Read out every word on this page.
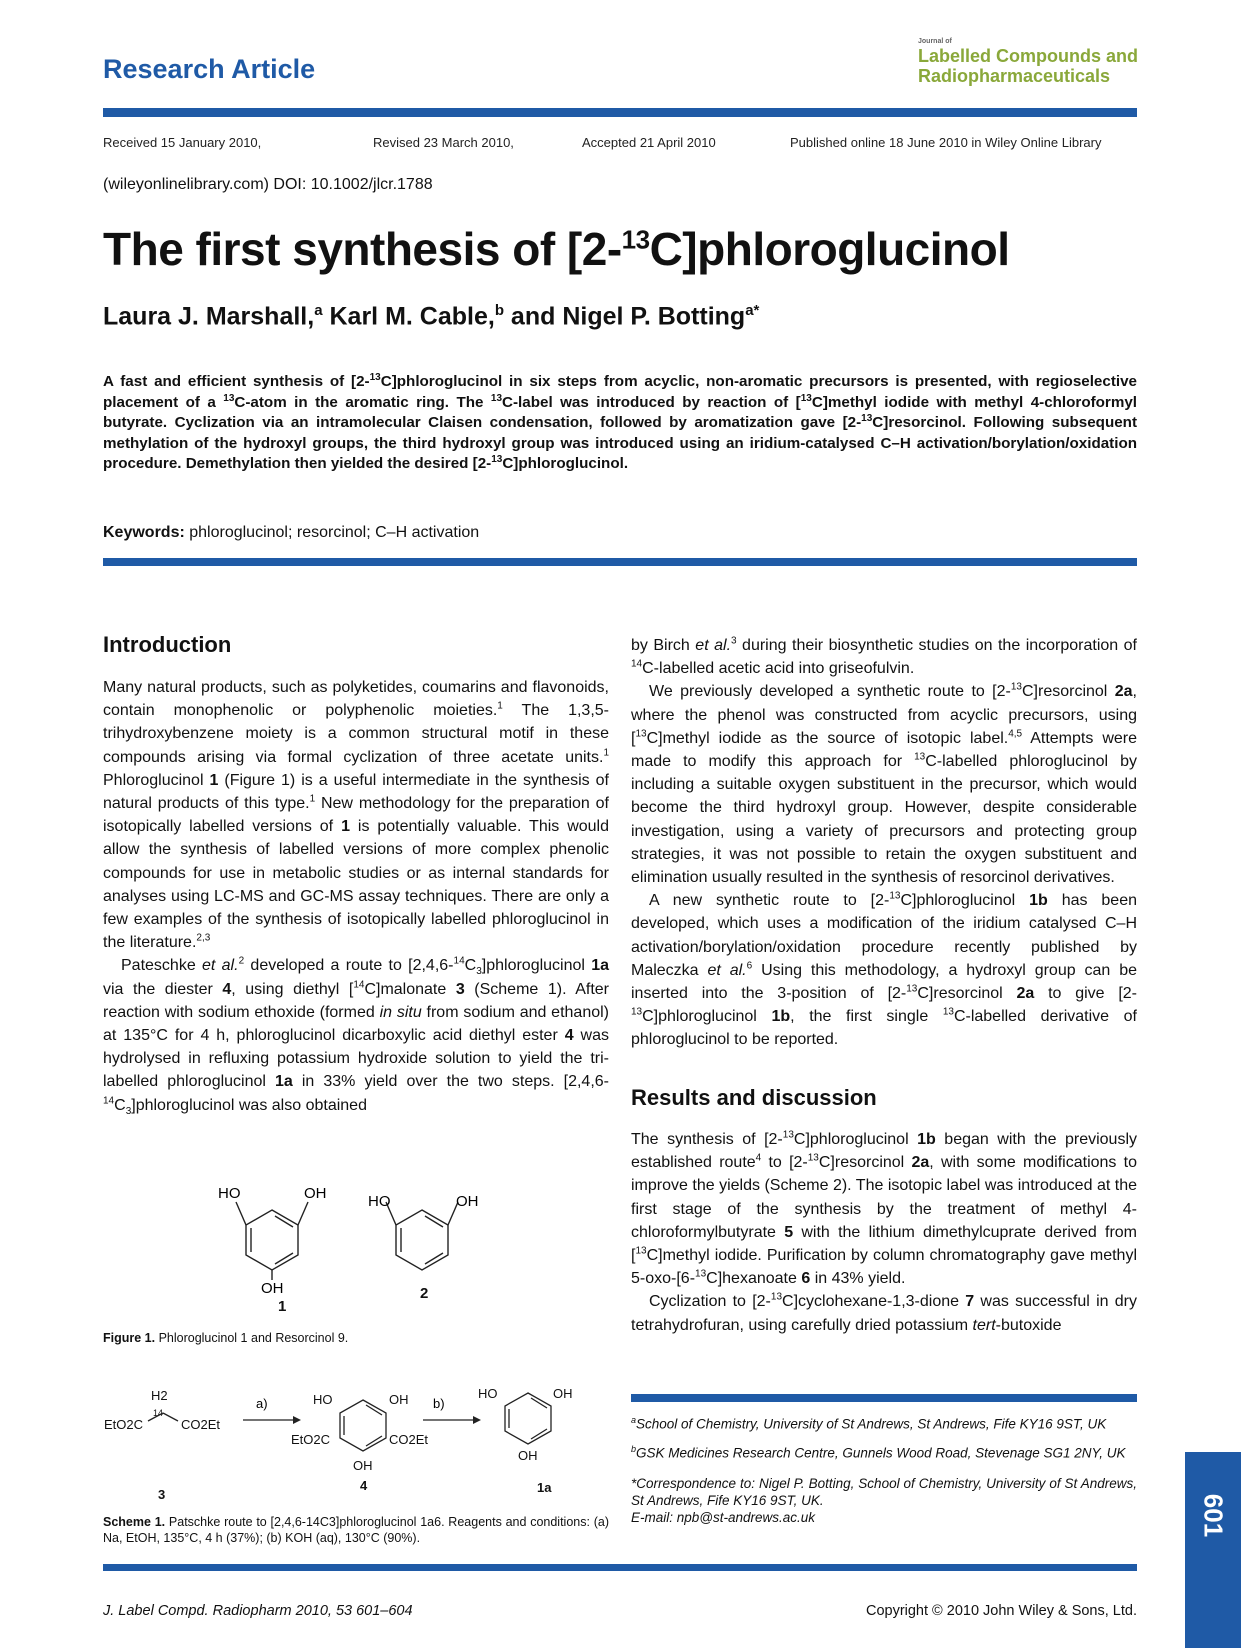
Research Article
Journal of
Labelled Compounds and
Radiopharmaceuticals
Received 15 January 2010,	Revised 23 March 2010,	Accepted 21 April 2010	Published online 18 June 2010 in Wiley Online Library
(wileyonlinelibrary.com) DOI: 10.1002/jlcr.1788
The first synthesis of [2-$^{13}$C]phloroglucinol
Laura J. Marshall,$^a$ Karl M. Cable,$^b$ and Nigel P. Botting$^{a*}$
A fast and efficient synthesis of [2-$^{13}$C]phloroglucinol in six steps from acyclic, non-aromatic precursors is presented, with regioselective placement of a $^{13}$C-atom in the aromatic ring. The $^{13}$C-label was introduced by reaction of [$^{13}$C]methyl iodide with methyl 4-chloroformyl butyrate. Cyclization via an intramolecular Claisen condensation, followed by aromatization gave [2-$^{13}$C]resorcinol. Following subsequent methylation of the hydroxyl groups, the third hydroxyl group was introduced using an iridium-catalysed C–H activation/borylation/oxidation procedure. Demethylation then yielded the desired [2-$^{13}$C]phloroglucinol.
Keywords: phloroglucinol; resorcinol; C–H activation
Introduction

Many natural products, such as polyketides, coumarins and flavonoids, contain monophenolic or polyphenolic moieties.$^1$ The 1,3,5-trihydroxybenzene moiety is a common structural motif in these compounds arising via formal cyclization of three acetate units.$^1$ Phloroglucinol 1 (Figure 1) is a useful intermediate in the synthesis of natural products of this type.$^1$ New methodology for the preparation of isotopically labelled versions of 1 is potentially valuable. This would allow the synthesis of labelled versions of more complex phenolic compounds for use in metabolic studies or as internal standards for analyses using LC-MS and GC-MS assay techniques. There are only a few examples of the synthesis of isotopically labelled phloroglucinol in the literature.$^{2,3}$

Pateschke et al.$^2$ developed a route to $[2,4,6-^{14}C_3]phloroglucinol$ 1a via the diester 4, using diethyl [$^{14}$C]malonate 3 (Scheme 1). After reaction with sodium ethoxide (formed in situ from sodium and ethanol) at 135°C for 4 h, phloroglucinol dicarboxylic acid diethyl ester 4 was hydrolysed in refluxing potassium hydroxide solution to yield the tri-labelled phloroglucinol 1a in 33% yield over the two steps. $[2,4,6-^{14}C_3]phloroglucinol$ was also obtained

HO	OH
OH
HO	OH
1
2
Figure 1. Phloroglucinol 1 and Resorcinol 9.
H2
EtO2C	CO2Et
14
a)	HO	OH
EtO2C	CO2Et
OH
b)
HO	OH
OH
3
4	1a
Scheme 1. Patschke route to [2,4,6-14C3]phloroglucinol 1a6. Reagents and conditions: (a) Na, EtOH, 135°C, 4 h (37%); (b) KOH (aq), 130°C (90%).

by Birch et al.$^3$ during their biosynthetic studies on the incorporation of $^{14}$C-labelled acetic acid into griseofulvin.

We previously developed a synthetic route to [2-$^{13}$C]resorcinol 2a, where the phenol was constructed from acyclic precursors, using [$^{13}$C]methyl iodide as the source of isotopic label.$^{4,5}$ Attempts were made to modify this approach for $^{13}$C-labelled phloroglucinol by including a suitable oxygen substituent in the precursor, which would become the third hydroxyl group. However, despite considerable investigation, using a variety of precursors and protecting group strategies, it was not possible to retain the oxygen substituent and elimination usually resulted in the synthesis of resorcinol derivatives.

A new synthetic route to [2-$^{13}$C]phloroglucinol 1b has been developed, which uses a modification of the iridium catalysed C–H activation/borylation/oxidation procedure recently published by Maleczka et al.$^6$ Using this methodology, a hydroxyl group can be inserted into the 3-position of [2-$^{13}$C]resorcinol 2a to give [2-$^{13}$C]phloroglucinol 1b, the first single $^{13}$C-labelled derivative of phloroglucinol to be reported.

Results and discussion

The synthesis of [2-$^{13}$C]phloroglucinol 1b began with the previously established route$^4$ to [2-$^{13}$C]resorcinol 2a, with some modifications to improve the yields (Scheme 2). The isotopic label was introduced at the first stage of the synthesis by the treatment of methyl 4-chloroformylbutyrate 5 with the lithium dimethylcuprate derived from [$^{13}$C]methyl iodide. Purification by column chromatography gave methyl 5-oxo-[6-$^{13}$C]hexanoate 6 in 43% yield.

Cyclization to [2-$^{13}$C]cyclohexane-1,3-dione 7 was successful in dry tetrahydrofuran, using carefully dried potassium tert-butoxide

$^a$School of Chemistry, University of St Andrews, St Andrews, Fife KY16 9ST, UK
$^b$GSK Medicines Research Centre, Gunnels Wood Road, Stevenage SG1 2NY, UK
*Correspondence to: Nigel P. Botting, School of Chemistry, University of St Andrews, St Andrews, Fife KY16 9ST, UK.
E-mail: npb@st-andrews.ac.uk
J. Label Compd. Radiopharm 2010, 53 601–604	Copyright © 2010 John Wiley & Sons, Ltd.
601
